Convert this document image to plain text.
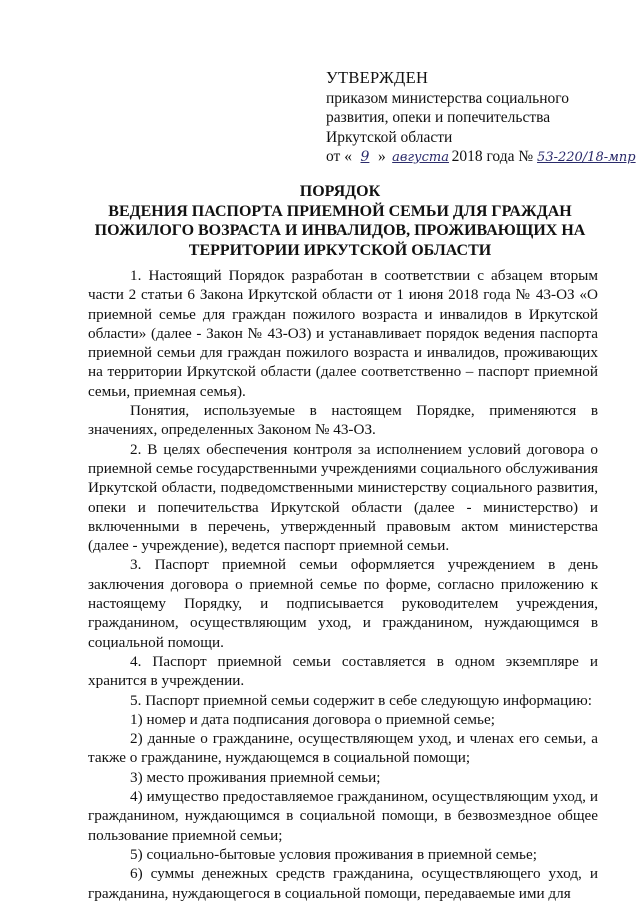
УТВЕРЖДЕН
приказом министерства социального
развития, опеки и попечительства
Иркутской области
от « 9 » августа 2018 года № 53-220/18-мпр
ПОРЯДОК
ВЕДЕНИЯ ПАСПОРТА ПРИЕМНОЙ СЕМЬИ ДЛЯ ГРАЖДАН
ПОЖИЛОГО ВОЗРАСТА И ИНВАЛИДОВ, ПРОЖИВАЮЩИХ НА
ТЕРРИТОРИИ ИРКУТСКОЙ ОБЛАСТИ

1. Настоящий Порядок разработан в соответствии с абзацем вторым части 2 статьи 6 Закона Иркутской области от 1 июня 2018 года № 43-ОЗ «О приемной семье для граждан пожилого возраста и инвалидов в Иркутской области» (далее - Закон № 43-ОЗ) и устанавливает порядок ведения паспорта приемной семьи для граждан пожилого возраста и инвалидов, проживающих на территории Иркутской области (далее соответственно – паспорт приемной семьи, приемная семья).

Понятия, используемые в настоящем Порядке, применяются в значениях, определенных Законом № 43-ОЗ.

2. В целях обеспечения контроля за исполнением условий договора о приемной семье государственными учреждениями социального обслуживания Иркутской области, подведомственными министерству социального развития, опеки и попечительства Иркутской области (далее - министерство) и включенными в перечень, утвержденный правовым актом министерства (далее - учреждение), ведется паспорт приемной семьи.

3. Паспорт приемной семьи оформляется учреждением в день заключения договора о приемной семье по форме, согласно приложению к настоящему Порядку, и подписывается руководителем учреждения, гражданином, осуществляющим уход, и гражданином, нуждающимся в социальной помощи.

4. Паспорт приемной семьи составляется в одном экземпляре и хранится в учреждении.

5. Паспорт приемной семьи содержит в себе следующую информацию:

1) номер и дата подписания договора о приемной семье;

2) данные о гражданине, осуществляющем уход, и членах его семьи, а также о гражданине, нуждающемся в социальной помощи;

3) место проживания приемной семьи;

4) имущество предоставляемое гражданином, осуществляющим уход, и гражданином, нуждающимся в социальной помощи, в безвозмездное общее пользование приемной семьи;

5) социально-бытовые условия проживания в приемной семье;

6) суммы денежных средств гражданина, осуществляющего уход, и гражданина, нуждающегося в социальной помощи, передаваемые ими для
